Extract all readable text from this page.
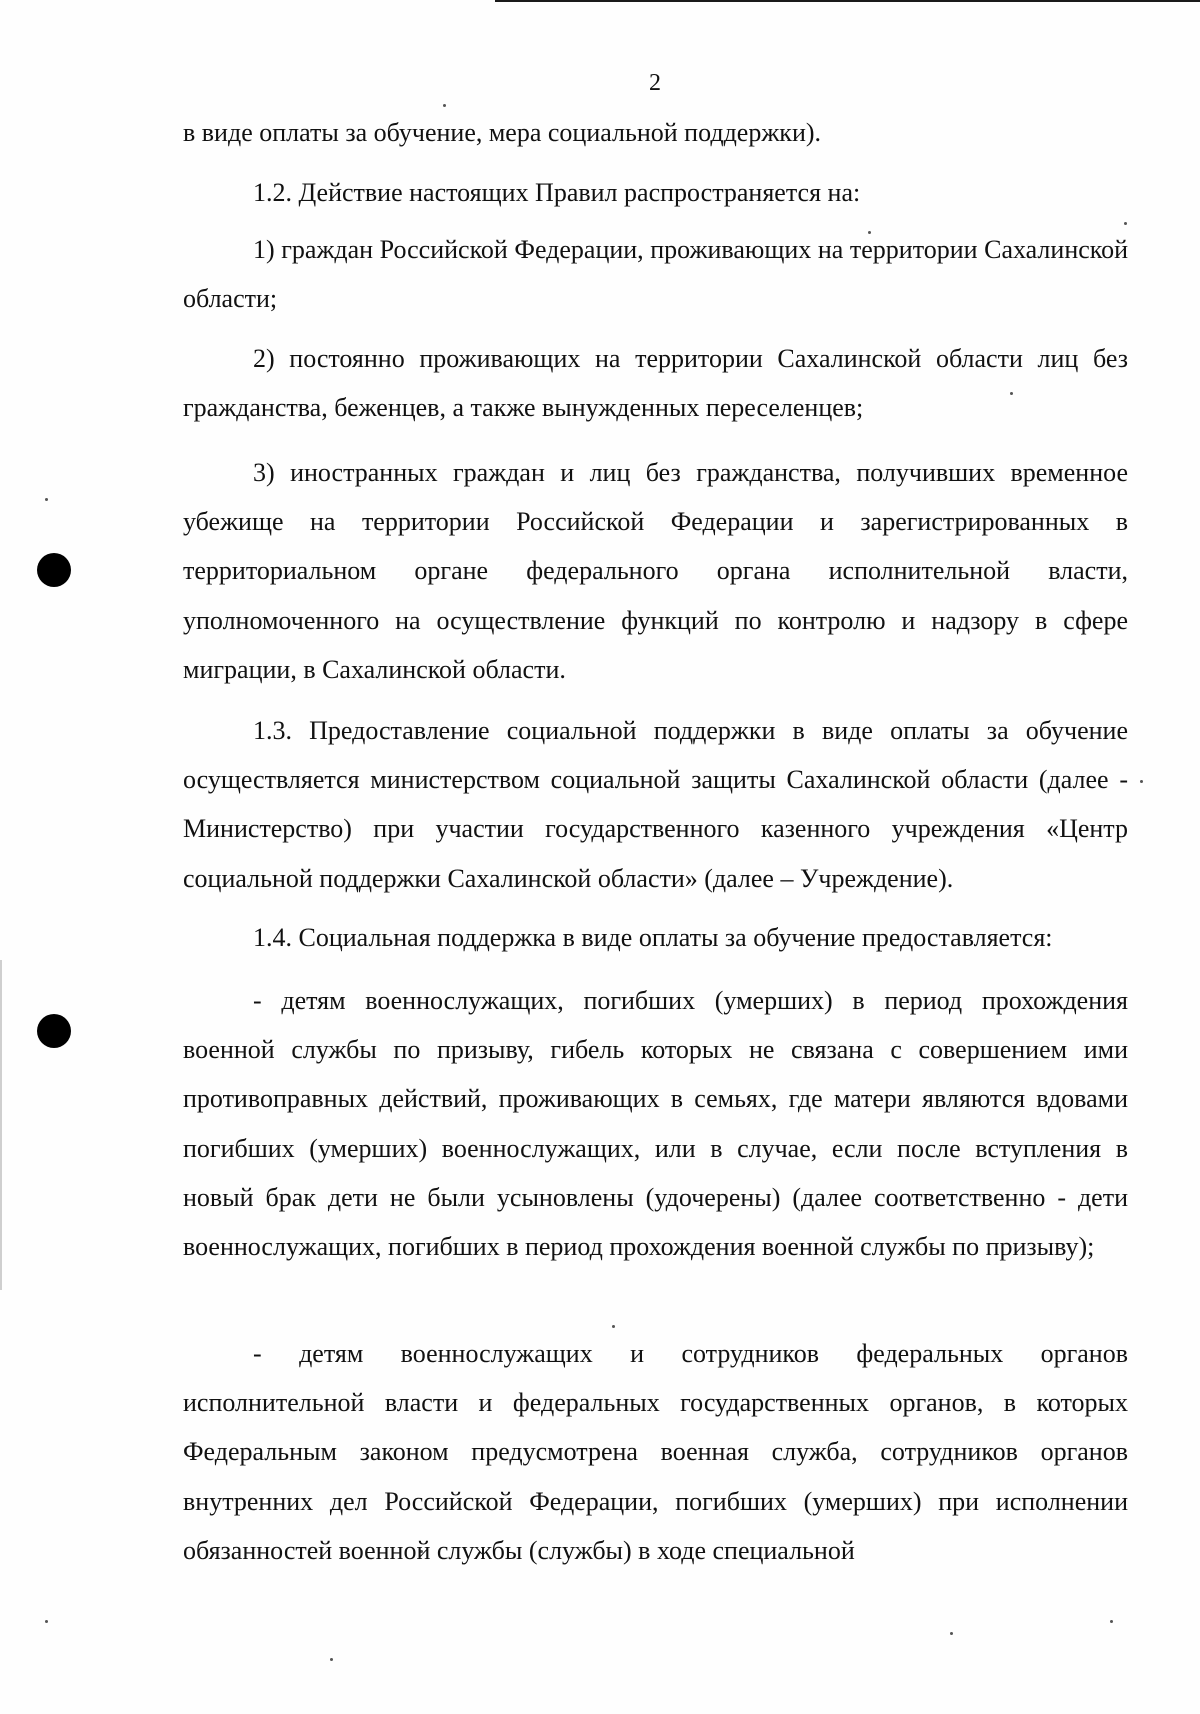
2

в виде оплаты за обучение, мера социальной поддержки).

1.2. Действие настоящих Правил распространяется на:

1) граждан Российской Федерации, проживающих на территории Сахалинской области;

2) постоянно проживающих на территории Сахалинской области лиц без гражданства, беженцев, а также вынужденных переселенцев;

3) иностранных граждан и лиц без гражданства, получивших временное убежище на территории Российской Федерации и зарегистрированных в территориальном органе федерального органа исполнительной власти, уполномоченного на осуществление функций по контролю и надзору в сфере миграции, в Сахалинской области.

1.3. Предоставление социальной поддержки в виде оплаты за обучение осуществляется министерством социальной защиты Сахалинской области (далее - Министерство) при участии государственного казенного учреждения «Центр социальной поддержки Сахалинской области» (далее – Учреждение).

1.4. Социальная поддержка в виде оплаты за обучение предоставляется:

- детям военнослужащих, погибших (умерших) в период прохождения военной службы по призыву, гибель которых не связана с совершением ими противоправных действий, проживающих в семьях, где матери являются вдовами погибших (умерших) военнослужащих, или в случае, если после вступления в новый брак дети не были усыновлены (удочерены) (далее соответственно - дети военнослужащих, погибших в период прохождения военной службы по призыву);

- детям военнослужащих и сотрудников федеральных органов исполнительной власти и федеральных государственных органов, в которых Федеральным законом предусмотрена военная служба, сотрудников органов внутренних дел Российской Федерации, погибших (умерших) при исполнении обязанностей военной службы (службы) в ходе специальной
